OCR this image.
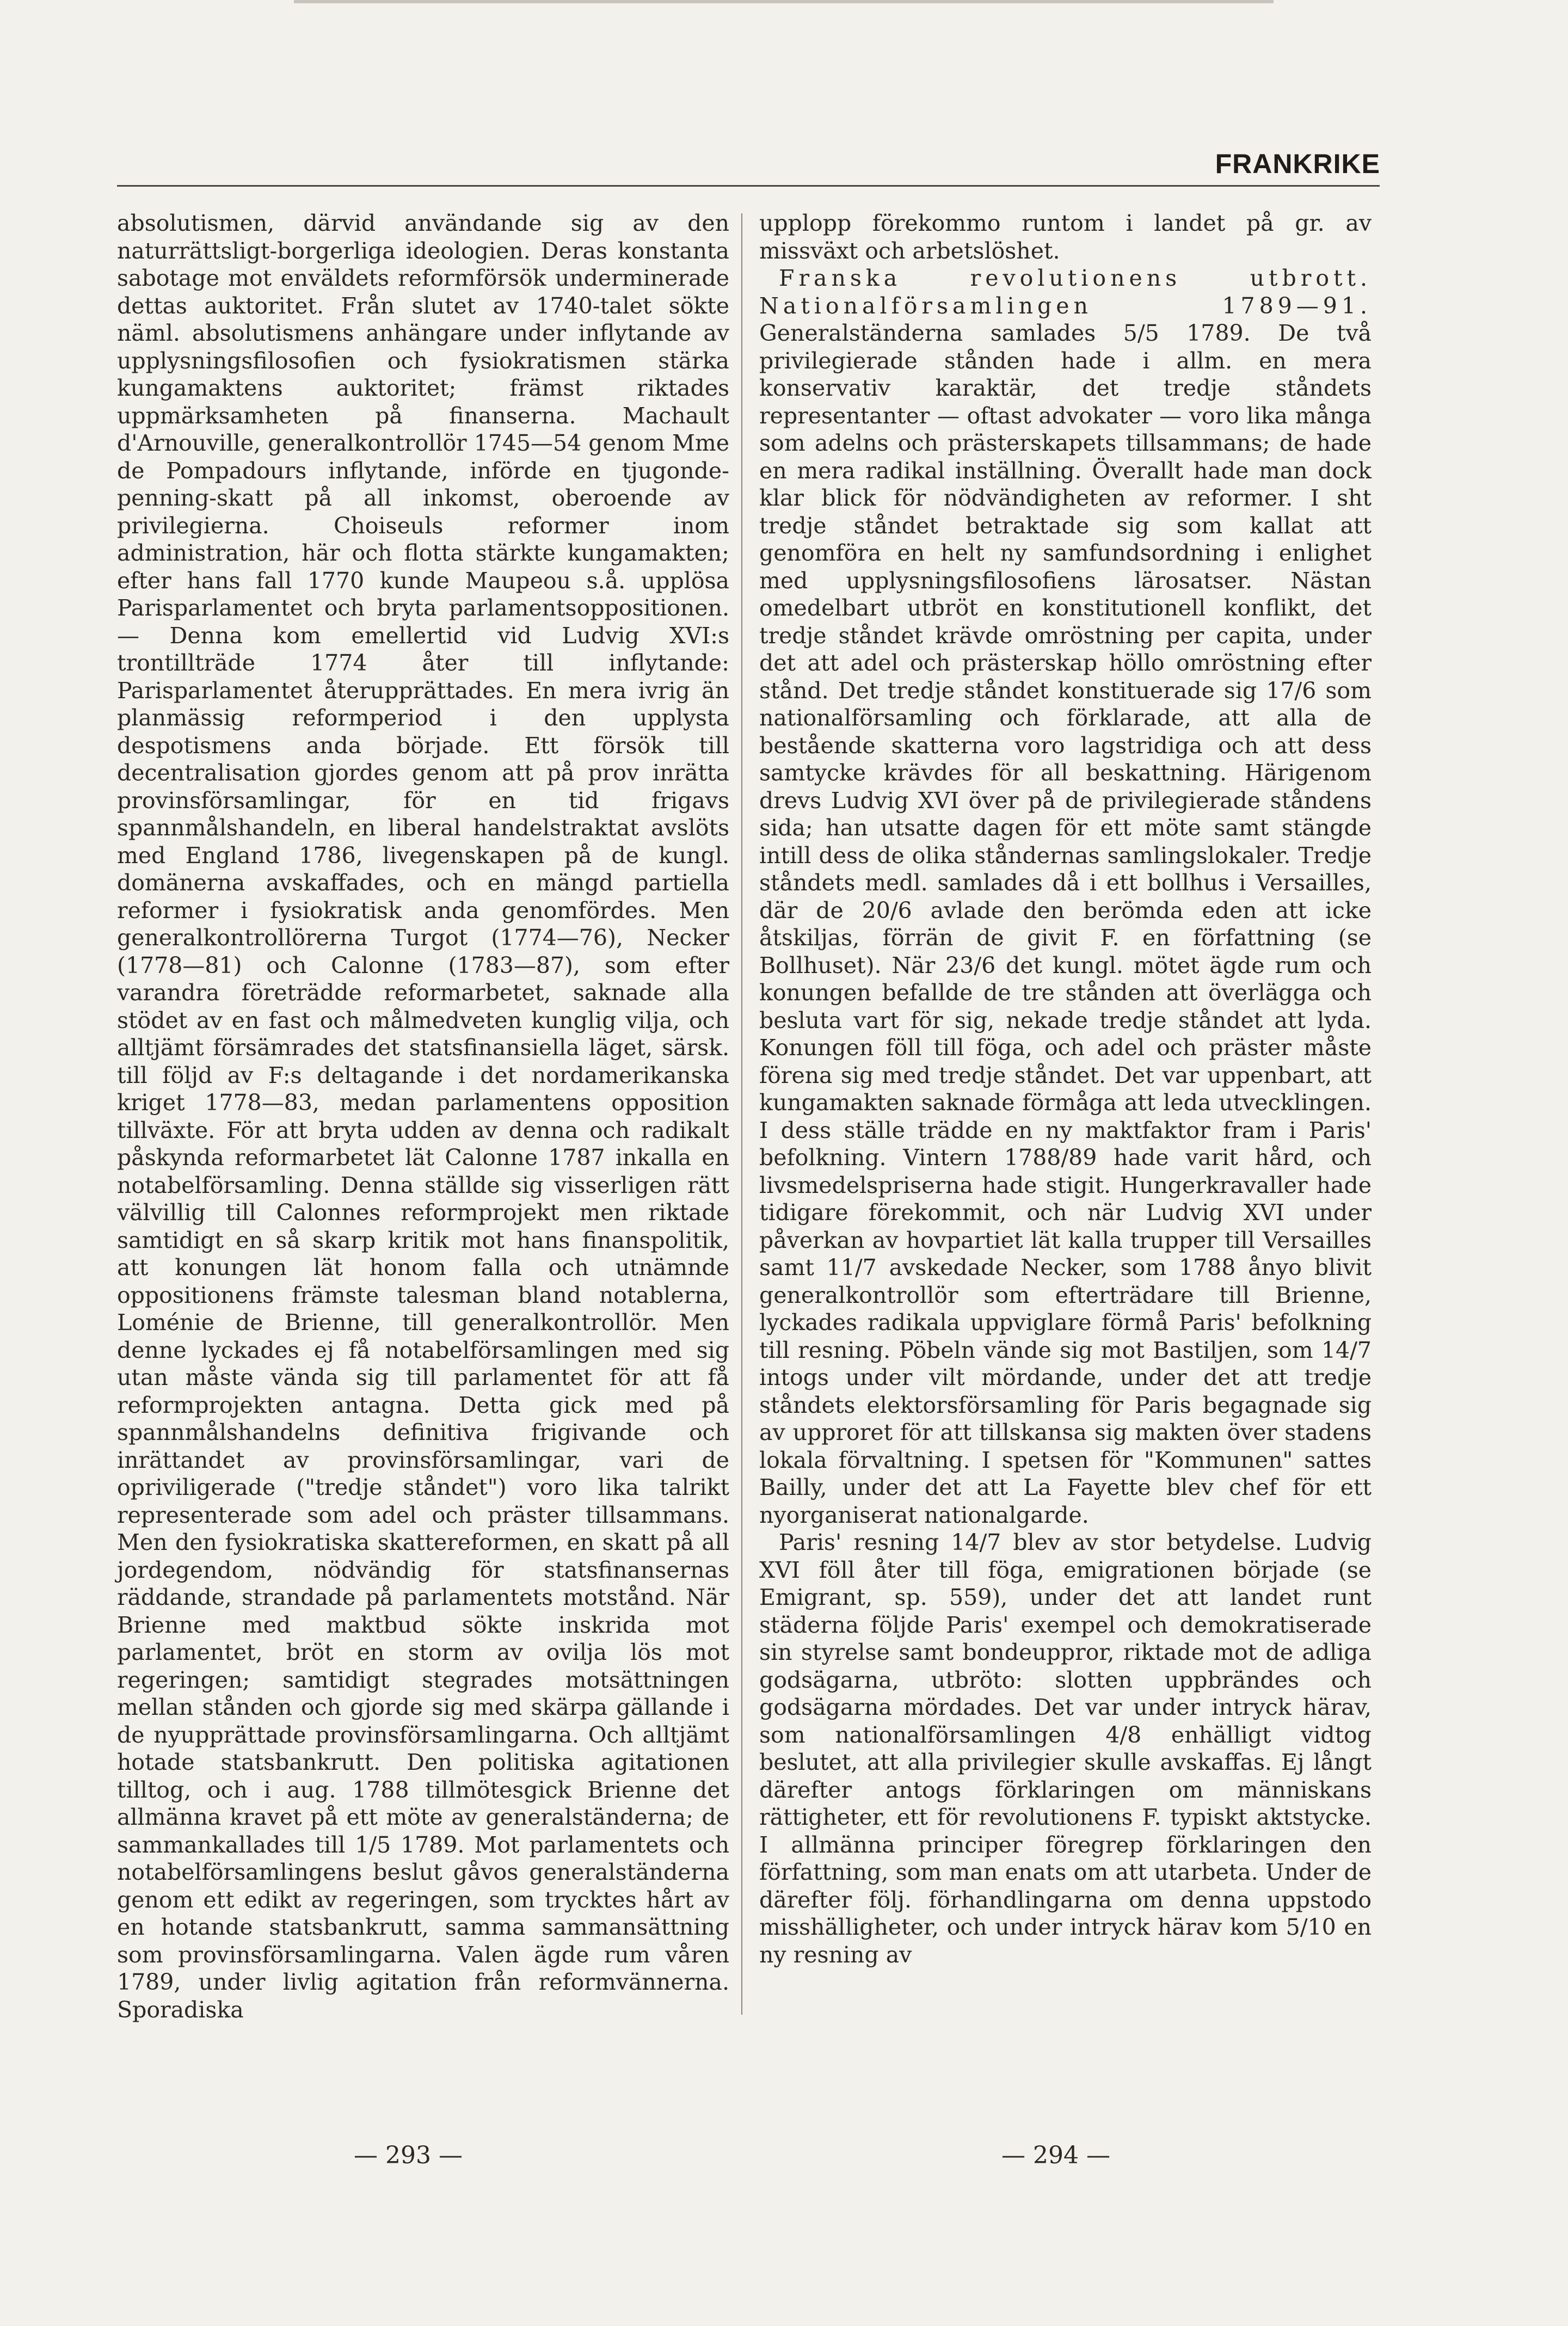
FRANKRIKE

absolutismen, därvid användande sig av den naturrättsligt-borgerliga ideologien. Deras konstanta sabotage mot enväldets reformförsök underminerade dettas auktoritet. Från slutet av 1740-talet sökte näml. absolutismens anhängare under inflytande av upplysningsfilosofien och fysiokratismen stärka kungamaktens auktoritet; främst riktades uppmärksamheten på finanserna. Machault d'Arnouville, generalkontrollör 1745—54 genom Mme de Pompadours inflytande, införde en tjugonde-penning-skatt på all inkomst, oberoende av privilegierna. Choiseuls reformer inom administration, här och flotta stärkte kungamakten; efter hans fall 1770 kunde Maupeou s.å. upplösa Parisparlamentet och bryta parlamentsoppositionen. — Denna kom emellertid vid Ludvig XVI:s trontillträde 1774 åter till inflytande: Parisparlamentet återupprättades. En mera ivrig än planmässig reformperiod i den upplysta despotismens anda började. Ett försök till decentralisation gjordes genom att på prov inrätta provinsförsamlingar, för en tid frigavs spannmålshandeln, en liberal handelstraktat avslöts med England 1786, livegenskapen på de kungl. domänerna avskaffades, och en mängd partiella reformer i fysiokratisk anda genomfördes. Men generalkontrollörerna Turgot (1774—76), Necker (1778—81) och Calonne (1783—87), som efter varandra företrädde reformarbetet, saknade alla stödet av en fast och målmedveten kunglig vilja, och alltjämt försämrades det statsfinansiella läget, särsk. till följd av F:s deltagande i det nordamerikanska kriget 1778—83, medan parlamentens opposition tillväxte. För att bryta udden av denna och radikalt påskynda reformarbetet lät Calonne 1787 inkalla en notabelförsamling. Denna ställde sig visserligen rätt välvillig till Calonnes reformprojekt men riktade samtidigt en så skarp kritik mot hans finanspolitik, att konungen lät honom falla och utnämnde oppositionens främste talesman bland notablerna, Loménie de Brienne, till generalkontrollör. Men denne lyckades ej få notabelförsamlingen med sig utan måste vända sig till parlamentet för att få reformprojekten antagna. Detta gick med på spannmålshandelns definitiva frigivande och inrättandet av provinsförsamlingar, vari de opriviligerade ("tredje ståndet") voro lika talrikt representerade som adel och präster tillsammans. Men den fysiokratiska skattereformen, en skatt på all jordegendom, nödvändig för statsfinansernas räddande, strandade på parlamentets motstånd. När Brienne med maktbud sökte inskrida mot parlamentet, bröt en storm av ovilja lös mot regeringen; samtidigt stegrades motsättningen mellan stånden och gjorde sig med skärpa gällande i de nyupprättade provinsförsamlingarna. Och alltjämt hotade statsbankrutt. Den politiska agitationen tilltog, och i aug. 1788 tillmötesgick Brienne det allmänna kravet på ett möte av generalständerna; de sammankallades till 1/5 1789. Mot parlamentets och notabelförsamlingens beslut gåvos generalständerna genom ett edikt av regeringen, som trycktes hårt av en hotande statsbankrutt, samma sammansättning som provinsförsamlingarna. Valen ägde rum våren 1789, under livlig agitation från reformvännerna. Sporadiska

upplopp förekommo runtom i landet på gr. av missväxt och arbetslöshet.

Franska revolutionens utbrott. Nationalförsamlingen 1789—91. Generalständerna samlades 5/5 1789. De två privilegierade stånden hade i allm. en mera konservativ karaktär, det tredje ståndets representanter — oftast advokater — voro lika många som adelns och prästerskapets tillsammans; de hade en mera radikal inställning. Överallt hade man dock klar blick för nödvändigheten av reformer. I sht tredje ståndet betraktade sig som kallat att genomföra en helt ny samfundsordning i enlighet med upplysningsfilosofiens lärosatser. Nästan omedelbart utbröt en konstitutionell konflikt, det tredje ståndet krävde omröstning per capita, under det att adel och prästerskap höllo omröstning efter stånd. Det tredje ståndet konstituerade sig 17/6 som nationalförsamling och förklarade, att alla de bestående skatterna voro lagstridiga och att dess samtycke krävdes för all beskattning. Härigenom drevs Ludvig XVI över på de privilegierade ståndens sida; han utsatte dagen för ett möte samt stängde intill dess de olika ståndernas samlingslokaler. Tredje ståndets medl. samlades då i ett bollhus i Versailles, där de 20/6 avlade den berömda eden att icke åtskiljas, förrän de givit F. en författning (se Bollhuset). När 23/6 det kungl. mötet ägde rum och konungen befallde de tre stånden att överlägga och besluta vart för sig, nekade tredje ståndet att lyda. Konungen föll till föga, och adel och präster måste förena sig med tredje ståndet. Det var uppenbart, att kungamakten saknade förmåga att leda utvecklingen. I dess ställe trädde en ny maktfaktor fram i Paris' befolkning. Vintern 1788/89 hade varit hård, och livsmedelspriserna hade stigit. Hungerkravaller hade tidigare förekommit, och när Ludvig XVI under påverkan av hovpartiet lät kalla trupper till Versailles samt 11/7 avskedade Necker, som 1788 ånyo blivit generalkontrollör som efterträdare till Brienne, lyckades radikala uppviglare förmå Paris' befolkning till resning. Pöbeln vände sig mot Bastiljen, som 14/7 intogs under vilt mördande, under det att tredje ståndets elektorsförsamling för Paris begagnade sig av upproret för att tillskansa sig makten över stadens lokala förvaltning. I spetsen för "Kommunen" sattes Bailly, under det att La Fayette blev chef för ett nyorganiserat nationalgarde.

Paris' resning 14/7 blev av stor betydelse. Ludvig XVI föll åter till föga, emigrationen började (se Emigrant, sp. 559), under det att landet runt städerna följde Paris' exempel och demokratiserade sin styrelse samt bondeuppror, riktade mot de adliga godsägarna, utbröto: slotten uppbrändes och godsägarna mördades. Det var under intryck härav, som nationalförsamlingen 4/8 enhälligt vidtog beslutet, att alla privilegier skulle avskaffas. Ej långt därefter antogs förklaringen om människans rättigheter, ett för revolutionens F. typiskt aktstycke. I allmänna principer föregrep förklaringen den författning, som man enats om att utarbeta. Under de därefter följ. förhandlingarna om denna uppstodo misshälligheter, och under intryck härav kom 5/10 en ny resning av

— 293 —	— 294 —
